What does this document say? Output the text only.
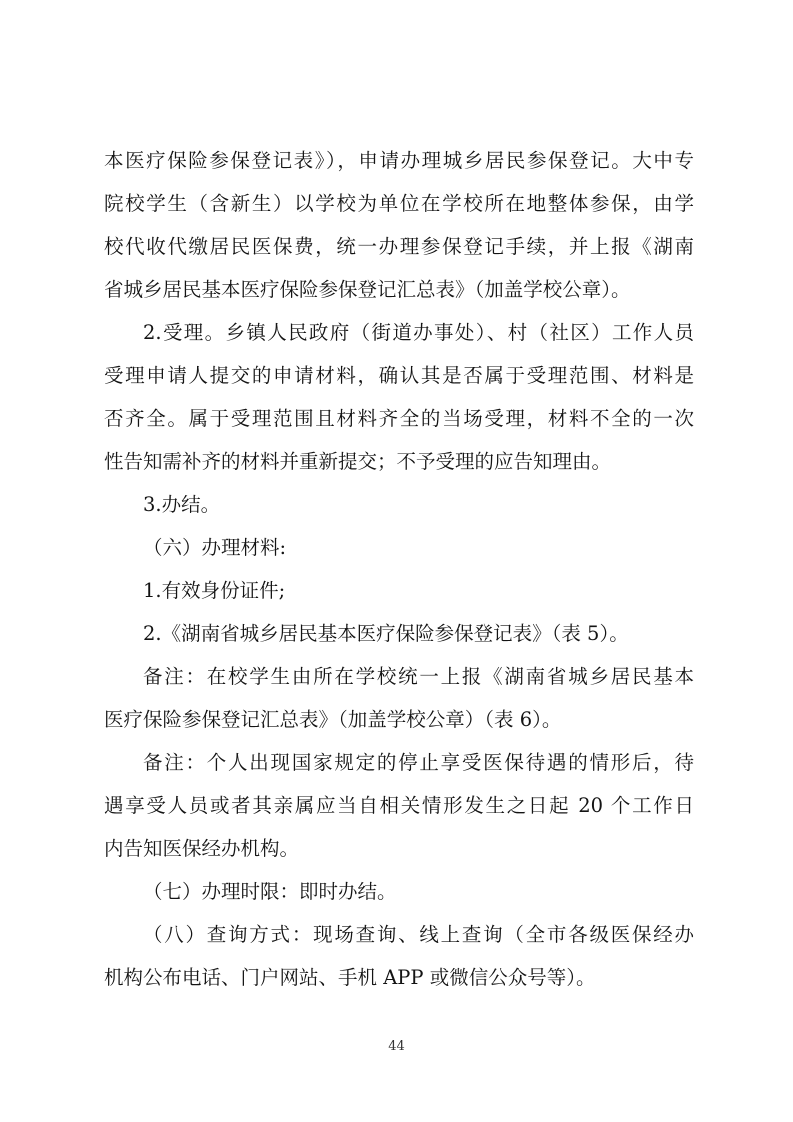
本医疗保险参保登记表》），申请办理城乡居民参保登记。大中专
院校学生（含新生）以学校为单位在学校所在地整体参保，由学
校代收代缴居民医保费，统一办理参保登记手续，并上报《湖南
省城乡居民基本医疗保险参保登记汇总表》（加盖学校公章）。
2.受理。乡镇人民政府（街道办事处）、村（社区）工作人员
受理申请人提交的申请材料，确认其是否属于受理范围、材料是
否齐全。属于受理范围且材料齐全的当场受理，材料不全的一次
性告知需补齐的材料并重新提交；不予受理的应告知理由。
3.办结。
（六）办理材料:
1.有效身份证件;
2.《湖南省城乡居民基本医疗保险参保登记表》（表 5）。
备注：在校学生由所在学校统一上报《湖南省城乡居民基本
医疗保险参保登记汇总表》（加盖学校公章）（表 6）。
备注：个人出现国家规定的停止享受医保待遇的情形后，待
遇享受人员或者其亲属应当自相关情形发生之日起 20 个工作日
内告知医保经办机构。
（七）办理时限：即时办结。
（八）查询方式：现场查询、线上查询（全市各级医保经办
机构公布电话、门户网站、手机 APP 或微信公众号等）。
44
